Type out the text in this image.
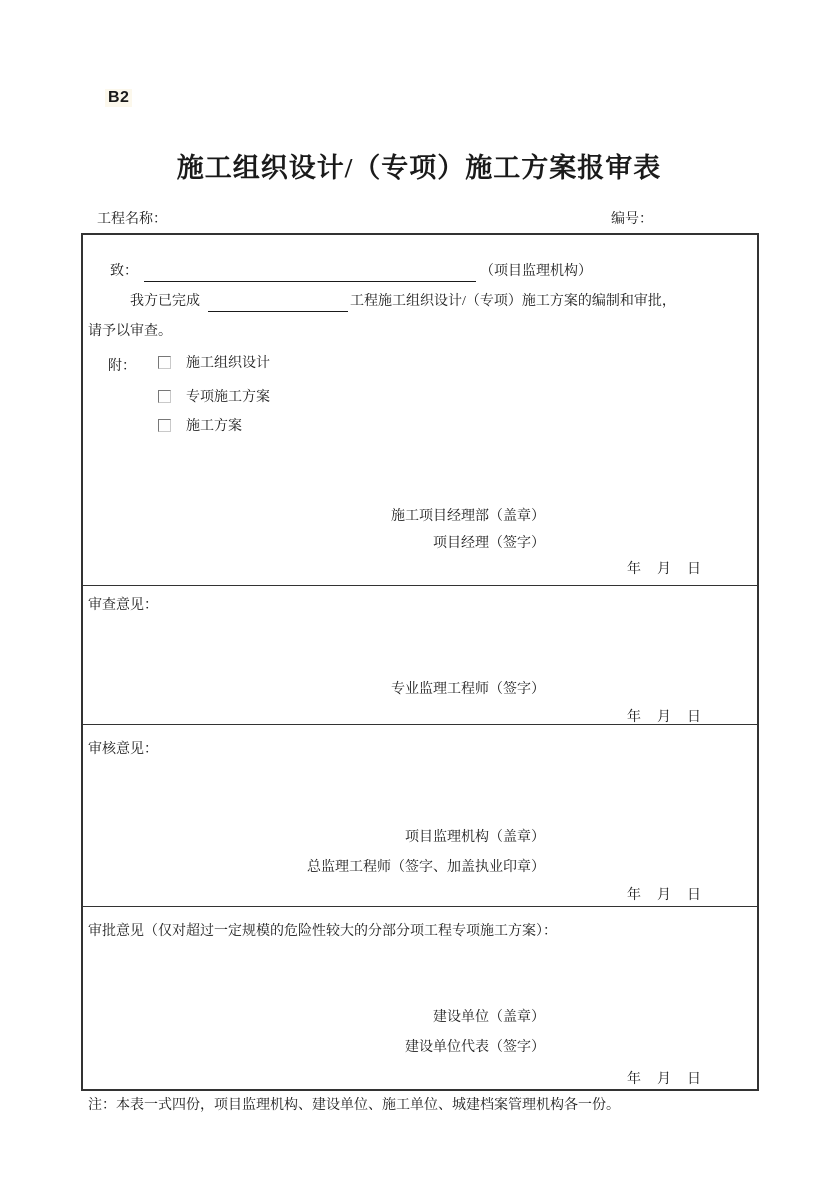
B2
施工组织设计/（专项）施工方案报审表
工程名称：	编号：
致：	（项目监理机构）
我方已完成	工程施工组织设计/（专项）施工方案的编制和审批，
请予以审查。
附：	施工组织设计
专项施工方案
施工方案
施工项目经理部（盖章）
项目经理（签字）
年　月　日
审查意见：
专业监理工程师（签字）
年　月　日
审核意见：
项目监理机构（盖章）
总监理工程师（签字、加盖执业印章）
年　月　日
审批意见（仅对超过一定规模的危险性较大的分部分项工程专项施工方案）：
建设单位（盖章）
建设单位代表（签字）
年　月　日
注：本表一式四份，项目监理机构、建设单位、施工单位、城建档案管理机构各一份。
